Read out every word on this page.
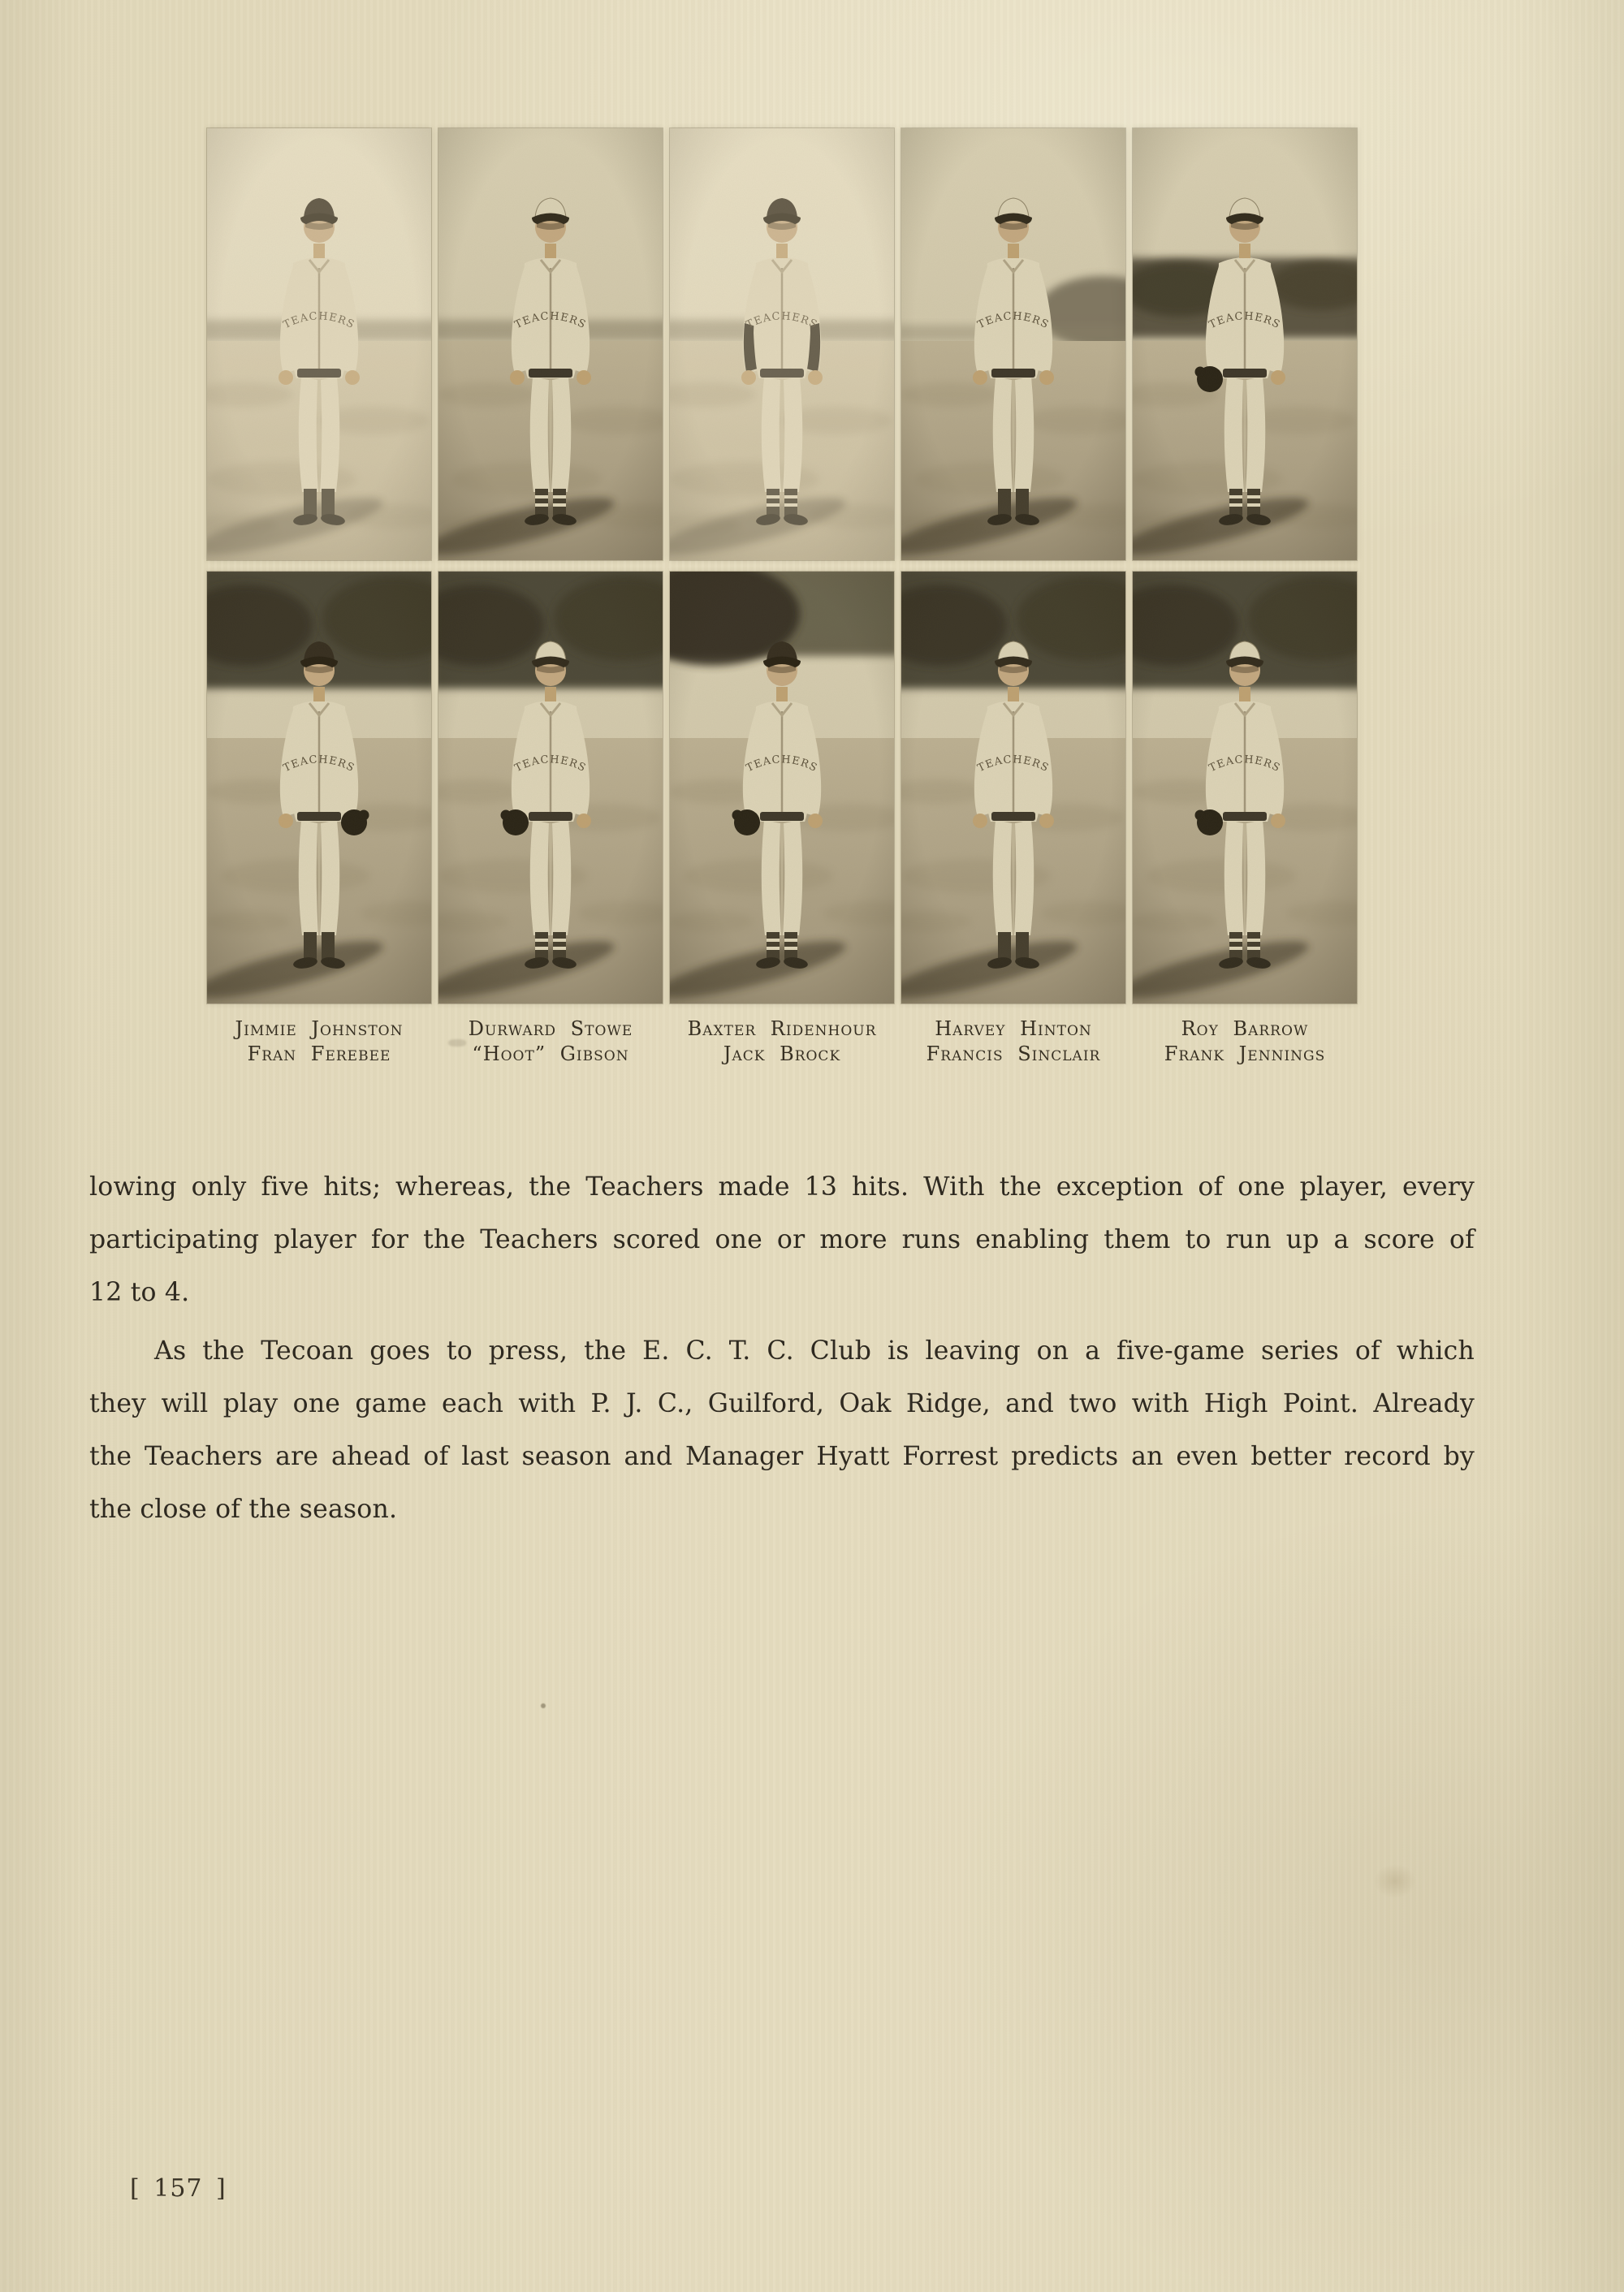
Jimmie Johnston
Fran Ferebee
Durward Stowe
“Hoot” Gibson
Baxter Ridenhour
Jack Brock
Harvey Hinton
Francis Sinclair
Roy Barrow
Frank Jennings
lowing only five hits; whereas, the Teachers made 13 hits. With the exception of one player, every
participating player for the Teachers scored one or more runs enabling them to run up a score of
12 to 4.
As the Tecoan goes to press, the E. C. T. C. Club is leaving on a five-game series of which
they will play one game each with P. J. C., Guilford, Oak Ridge, and two with High Point. Already
the Teachers are ahead of last season and Manager Hyatt Forrest predicts an even better record by
the close of the season.
[ 157 ]
